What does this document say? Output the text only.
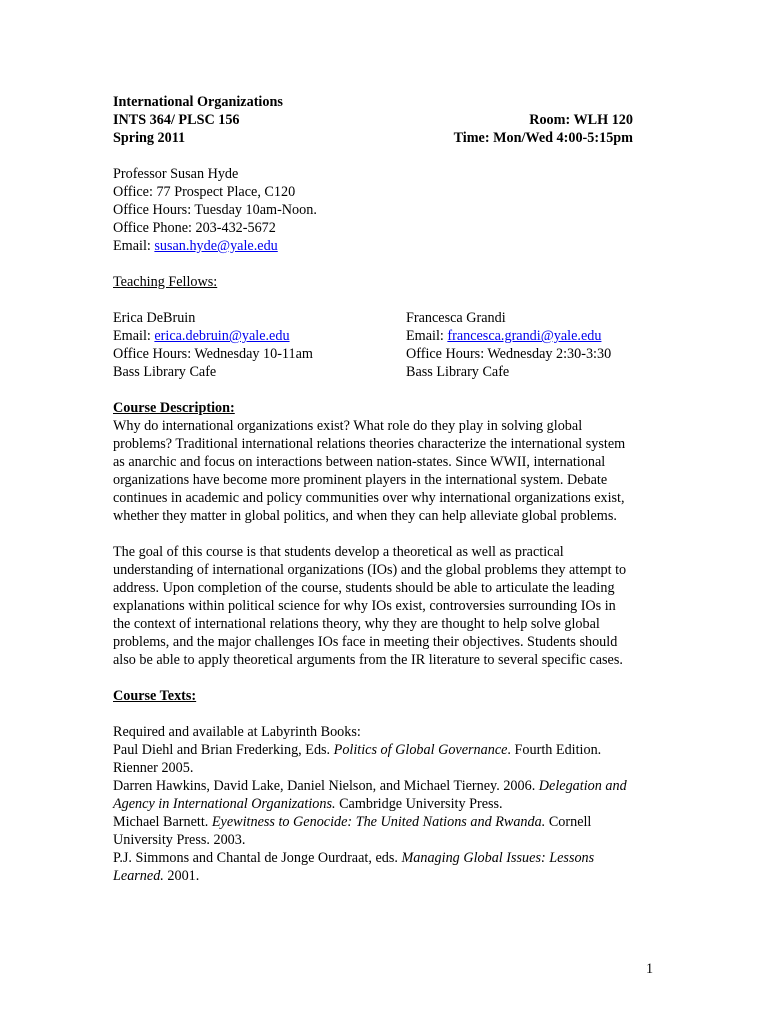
International Organizations
INTS 364/ PLSC 156	Room: WLH 120
Spring 2011	Time: Mon/Wed 4:00-5:15pm
Professor Susan Hyde
Office: 77 Prospect Place, C120
Office Hours: Tuesday 10am-Noon.
Office Phone: 203-432-5672
Email: susan.hyde@yale.edu
Teaching Fellows:
Erica DeBruin
Email: erica.debruin@yale.edu
Office Hours: Wednesday 10-11am
Bass Library Cafe
Francesca Grandi
Email: francesca.grandi@yale.edu
Office Hours: Wednesday 2:30-3:30
Bass Library Cafe
Course Description:
Why do international organizations exist? What role do they play in solving global problems? Traditional international relations theories characterize the international system as anarchic and focus on interactions between nation-states. Since WWII, international organizations have become more prominent players in the international system. Debate continues in academic and policy communities over why international organizations exist, whether they matter in global politics, and when they can help alleviate global problems.
The goal of this course is that students develop a theoretical as well as practical understanding of international organizations (IOs) and the global problems they attempt to address. Upon completion of the course, students should be able to articulate the leading explanations within political science for why IOs exist, controversies surrounding IOs in the context of international relations theory, why they are thought to help solve global problems, and the major challenges IOs face in meeting their objectives. Students should also be able to apply theoretical arguments from the IR literature to several specific cases.
Course Texts:
Required and available at Labyrinth Books:
Paul Diehl and Brian Frederking, Eds. Politics of Global Governance. Fourth Edition. Rienner 2005.
Darren Hawkins, David Lake, Daniel Nielson, and Michael Tierney. 2006. Delegation and Agency in International Organizations. Cambridge University Press.
Michael Barnett. Eyewitness to Genocide: The United Nations and Rwanda. Cornell University Press. 2003.
P.J. Simmons and Chantal de Jonge Ourdraat, eds. Managing Global Issues: Lessons Learned. 2001.
1
